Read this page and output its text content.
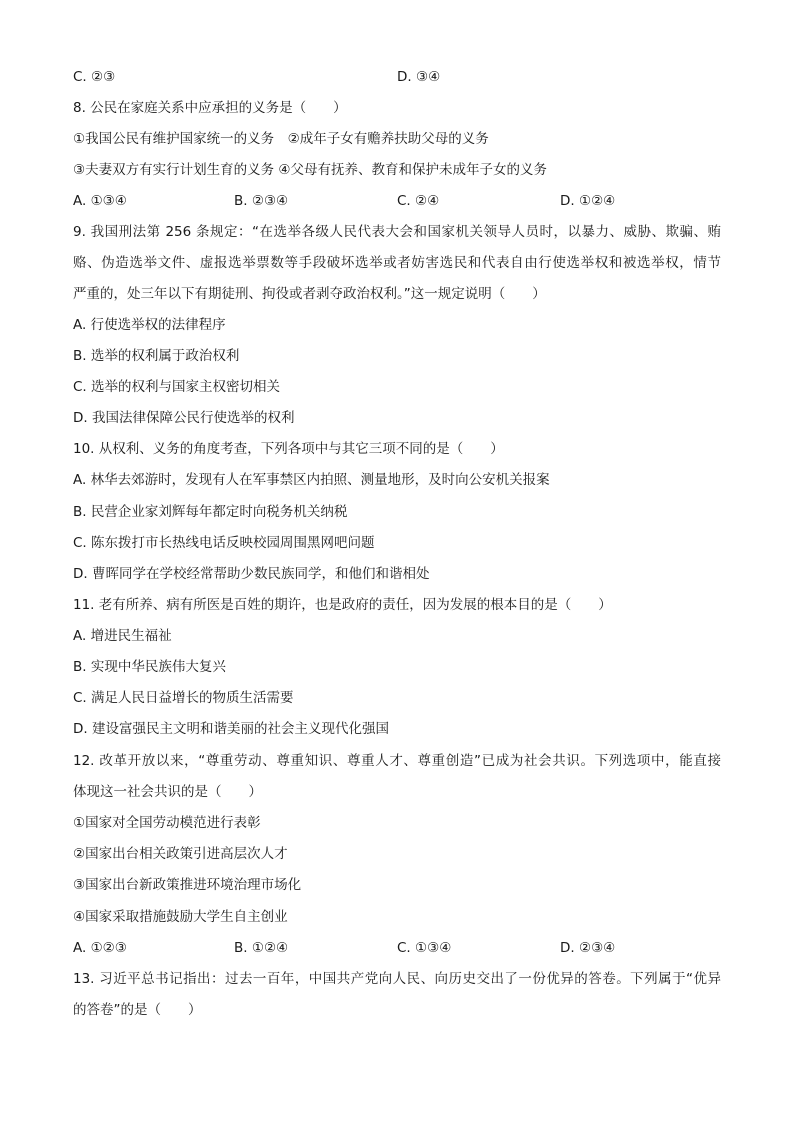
C. ②③	D. ③④
8. 公民在家庭关系中应承担的义务是（　　）
①我国公民有维护国家统一的义务　②成年子女有赡养扶助父母的义务
③夫妻双方有实行计划生育的义务 ④父母有抚养、教育和保护未成年子女的义务
A. ①③④	B. ②③④	C. ②④	D. ①②④
9. 我国刑法第 256 条规定：“在选举各级人民代表大会和国家机关领导人员时，以暴力、威胁、欺骗、贿
赂、伪造选举文件、虚报选举票数等手段破坏选举或者妨害选民和代表自由行使选举权和被选举权，情节
严重的，处三年以下有期徒刑、拘役或者剥夺政治权利。”这一规定说明（　　）
A. 行使选举权的法律程序
B. 选举的权利属于政治权利
C. 选举的权利与国家主权密切相关
D. 我国法律保障公民行使选举的权利
10. 从权利、义务的角度考查，下列各项中与其它三项不同的是（　　）
A. 林华去郊游时，发现有人在军事禁区内拍照、测量地形，及时向公安机关报案
B. 民营企业家刘辉每年都定时向税务机关纳税
C. 陈东拨打市长热线电话反映校园周围黑网吧问题
D. 曹晖同学在学校经常帮助少数民族同学，和他们和谐相处
11. 老有所养、病有所医是百姓的期许，也是政府的责任，因为发展的根本目的是（　　）
A. 增进民生福祉
B. 实现中华民族伟大复兴
C. 满足人民日益增长的物质生活需要
D. 建设富强民主文明和谐美丽的社会主义现代化强国
12. 改革开放以来，“尊重劳动、尊重知识、尊重人才、尊重创造”已成为社会共识。下列选项中，能直接
体现这一社会共识的是（　　）
①国家对全国劳动模范进行表彰
②国家出台相关政策引进高层次人才
③国家出台新政策推进环境治理市场化
④国家采取措施鼓励大学生自主创业
A. ①②③	B. ①②④	C. ①③④	D. ②③④
13. 习近平总书记指出：过去一百年，中国共产党向人民、向历史交出了一份优异的答卷。下列属于“优异
的答卷”的是（　　）
